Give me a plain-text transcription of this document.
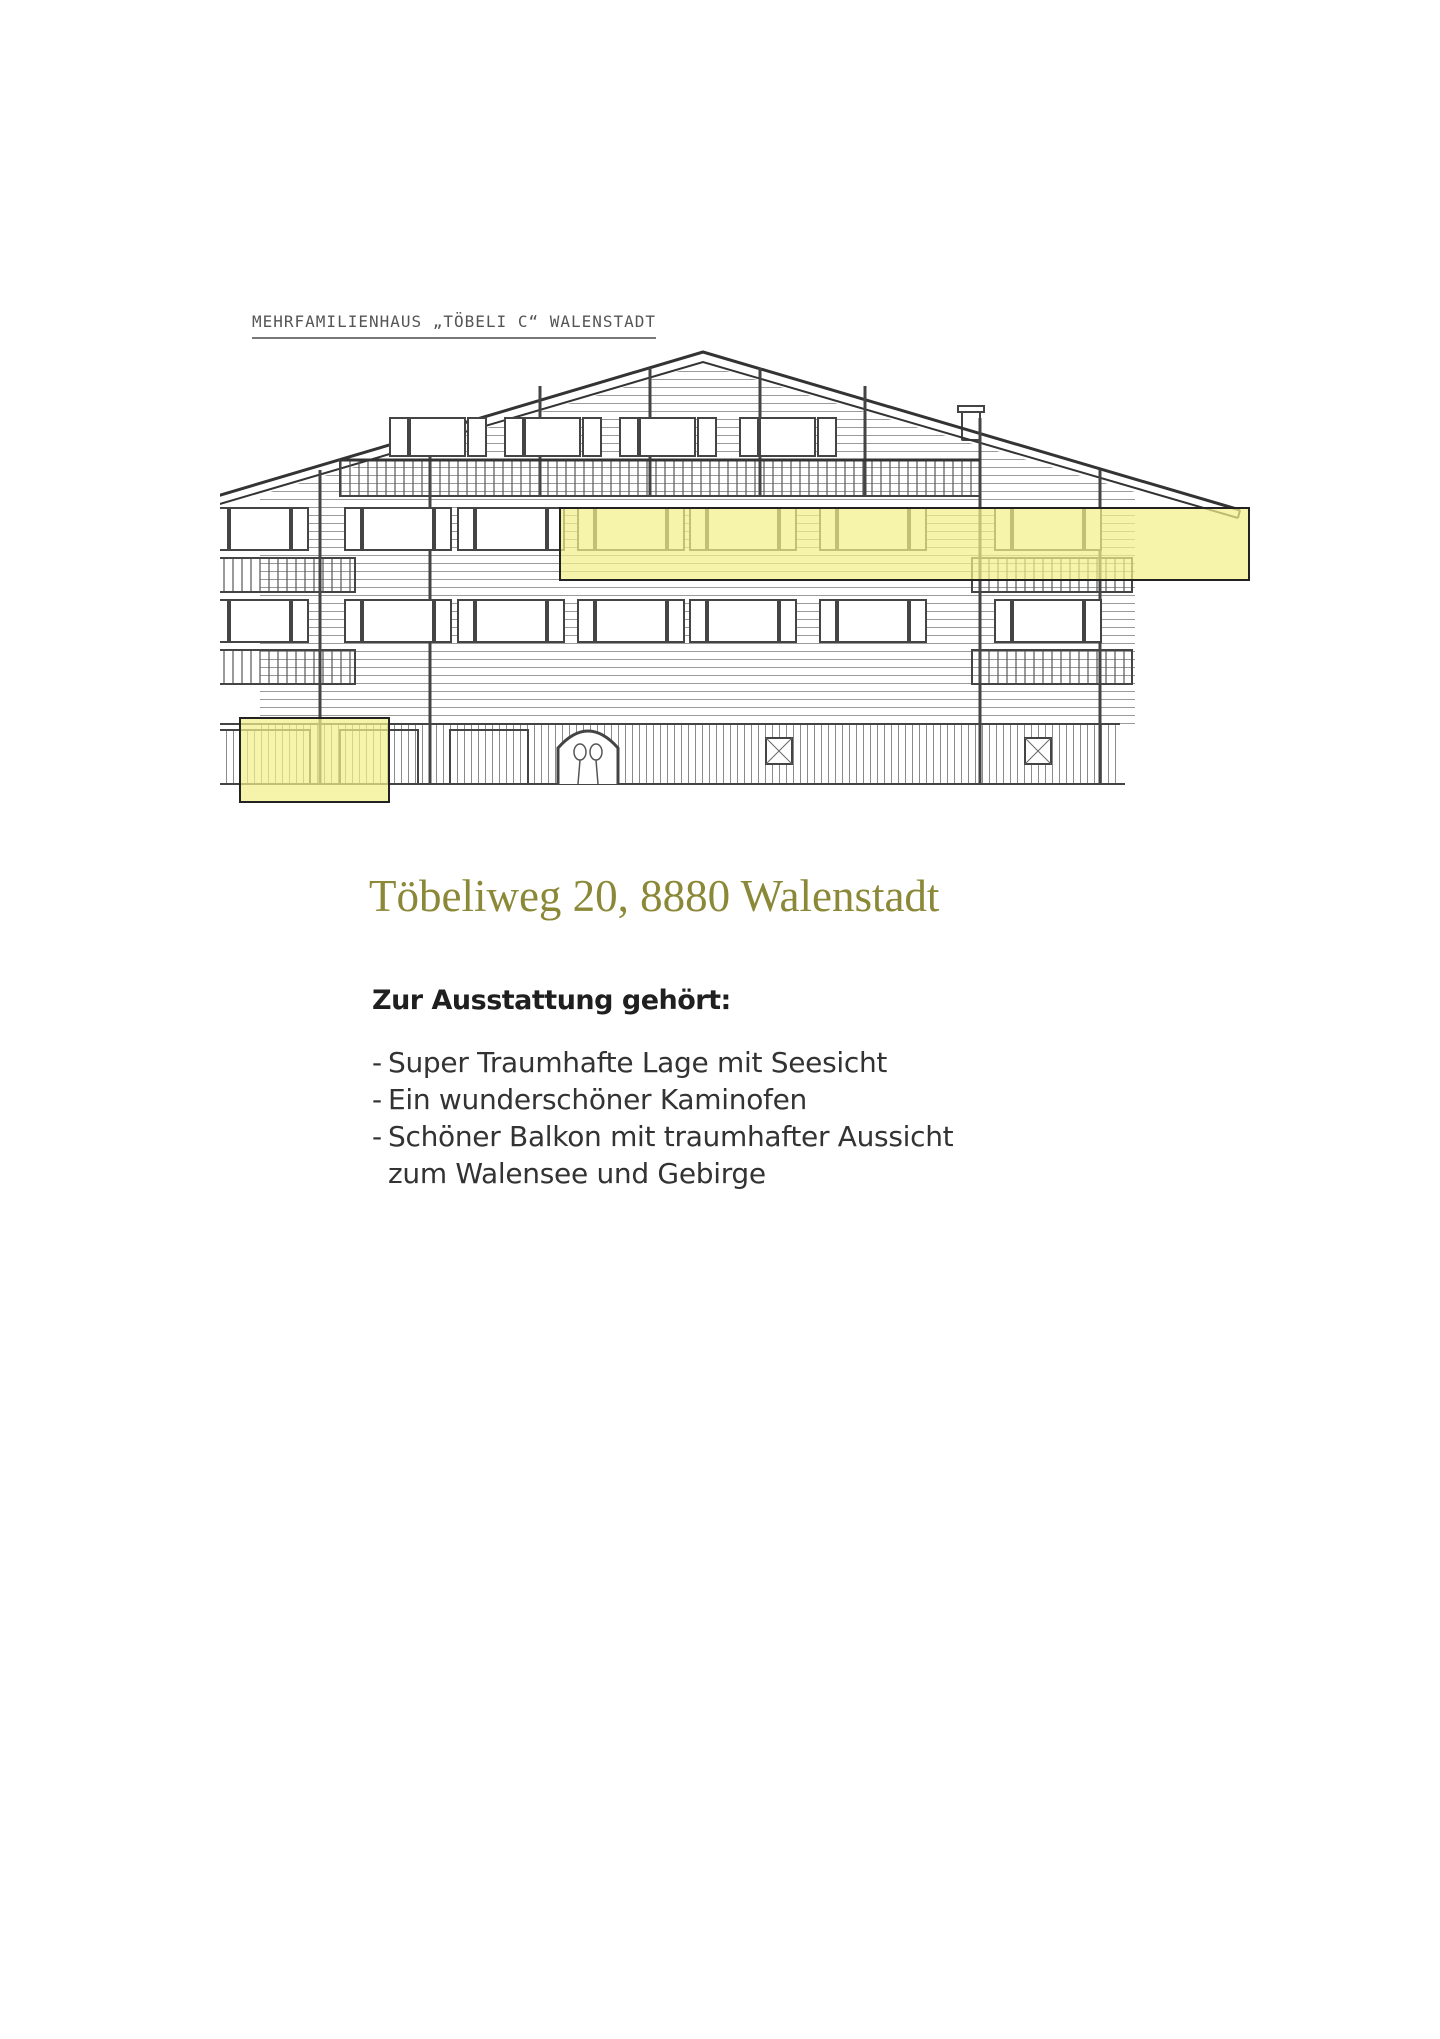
MEHRFAMILIENHAUS „TÖBELI C“ WALENSTADT
Töbeliweg 20, 8880 Walenstadt
Zur Ausstattung gehört:
- Super Traumhafte Lage mit Seesicht
- Ein wunderschöner Kaminofen
- Schöner Balkon mit traumhafter Aussicht
zum Walensee und Gebirge
